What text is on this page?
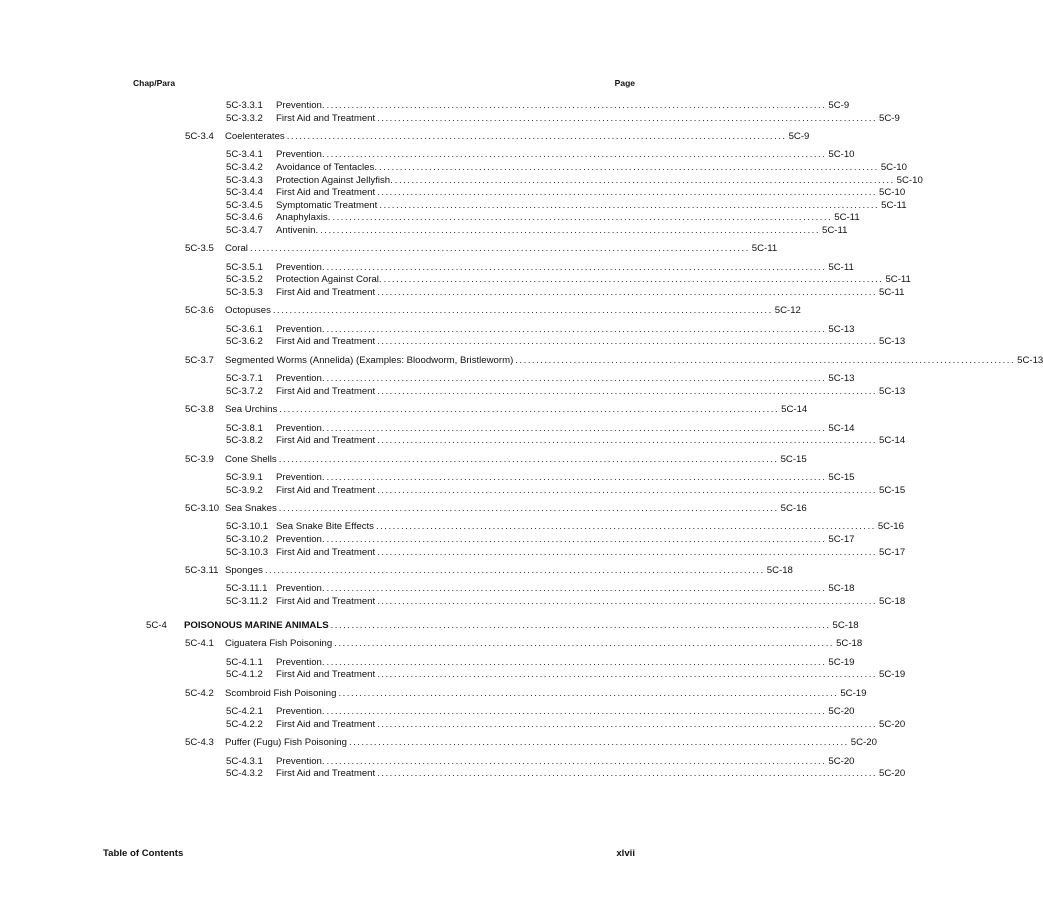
Chap/Para	Page
5C-3.3.1	Prevention. ........................................................................................................................ 5C-9
5C-3.3.2	First Aid and Treatment ........................................................................................................................ 5C-9
5C-3.4	Coelenterates ........................................................................................................................ 5C-9
5C-3.4.1	Prevention. ........................................................................................................................ 5C-10
5C-3.4.2	Avoidance of Tentacles. ........................................................................................................................ 5C-10
5C-3.4.3	Protection Against Jellyfish. ........................................................................................................................ 5C-10
5C-3.4.4	First Aid and Treatment ........................................................................................................................ 5C-10
5C-3.4.5	Symptomatic Treatment ........................................................................................................................ 5C-11
5C-3.4.6	Anaphylaxis. ........................................................................................................................ 5C-11
5C-3.4.7	Antivenin. ........................................................................................................................ 5C-11
5C-3.5	Coral ........................................................................................................................ 5C-11
5C-3.5.1	Prevention. ........................................................................................................................ 5C-11
5C-3.5.2	Protection Against Coral. ........................................................................................................................ 5C-11
5C-3.5.3	First Aid and Treatment ........................................................................................................................ 5C-11
5C-3.6	Octopuses ........................................................................................................................ 5C-12
5C-3.6.1	Prevention. ........................................................................................................................ 5C-13
5C-3.6.2	First Aid and Treatment ........................................................................................................................ 5C-13
5C-3.7	Segmented Worms (Annelida) (Examples: Bloodworm, Bristleworm) ........................................................................................................................ 5C-13
5C-3.7.1	Prevention. ........................................................................................................................ 5C-13
5C-3.7.2	First Aid and Treatment ........................................................................................................................ 5C-13
5C-3.8	Sea Urchins ........................................................................................................................ 5C-14
5C-3.8.1	Prevention. ........................................................................................................................ 5C-14
5C-3.8.2	First Aid and Treatment ........................................................................................................................ 5C-14
5C-3.9	Cone Shells ........................................................................................................................ 5C-15
5C-3.9.1	Prevention. ........................................................................................................................ 5C-15
5C-3.9.2	First Aid and Treatment ........................................................................................................................ 5C-15
5C-3.10 Sea Snakes ........................................................................................................................ 5C-16
5C-3.10.1 Sea Snake Bite Effects ........................................................................................................................ 5C-16
5C-3.10.2 Prevention. ........................................................................................................................ 5C-17
5C-3.10.3 First Aid and Treatment ........................................................................................................................ 5C-17
5C-3.11 Sponges ........................................................................................................................ 5C-18
5C-3.11.1 Prevention. ........................................................................................................................ 5C-18
5C-3.11.2 First Aid and Treatment ........................................................................................................................ 5C-18
5C-4	POISONOUS MARINE ANIMALS ........................................................................................................................ 5C-18
5C-4.1	Ciguatera Fish Poisoning ........................................................................................................................ 5C-18
5C-4.1.1	Prevention. ........................................................................................................................ 5C-19
5C-4.1.2	First Aid and Treatment ........................................................................................................................ 5C-19
5C-4.2	Scombroid Fish Poisoning ........................................................................................................................ 5C-19
5C-4.2.1	Prevention. ........................................................................................................................ 5C-20
5C-4.2.2	First Aid and Treatment ........................................................................................................................ 5C-20
5C-4.3	Puffer (Fugu) Fish Poisoning ........................................................................................................................ 5C-20
5C-4.3.1	Prevention. ........................................................................................................................ 5C-20
5C-4.3.2	First Aid and Treatment ........................................................................................................................ 5C-20
Table of Contents	xlvii
